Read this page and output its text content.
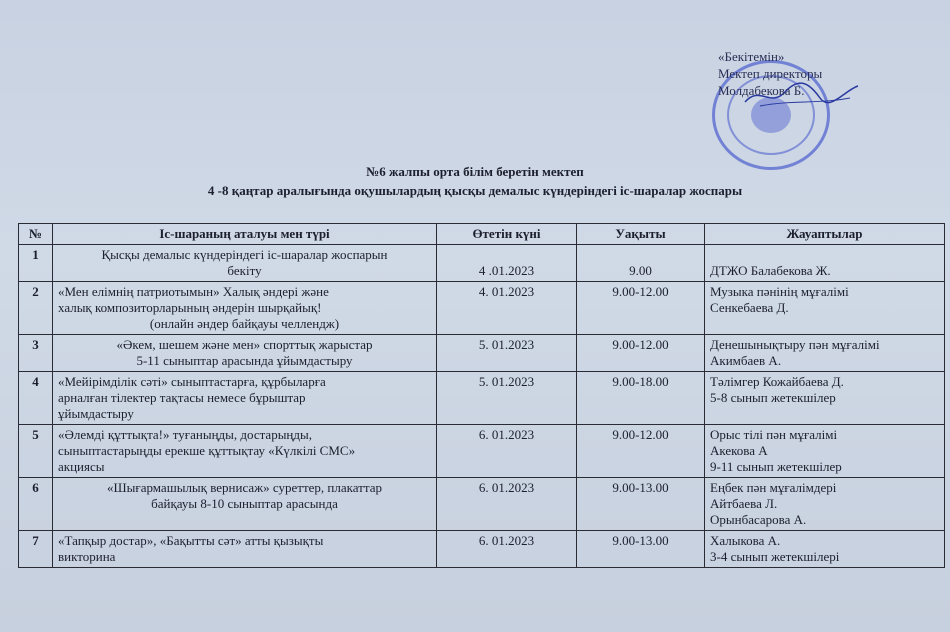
«Бекітемін»
Мектеп директоры
Молдабекова Б.
№6 жалпы орта білім беретін мектеп
4 -8 қаңтар аралығында оқушылардың қысқы демалыс күндеріндегі іс-шаралар жоспары
№	Іс-шараның аталуы мен түрі	Өтетін күні	Уақыты	Жауаптылар
1	Қысқы демалыс күндеріндегі іс-шаралар жоспарын
бекіту	4 .01.2023	9.00	ДТЖО Балабекова Ж.

2	«Мен елімнің патриотымын» Халық әндері және
халық композиторларының әндерін шырқайық!
(онлайн әндер байқауы челлендж)	4. 01.2023	9.00-12.00	Музыка пәнінің мұғалімі
Сенкебаева Д.

3	«Әкем, шешем және мен» спорттық жарыстар
5-11 сыныптар арасында ұйымдастыру	5. 01.2023	9.00-12.00	Денешынықтыру пән мұғалімі
Акимбаев А.

4	«Мейірімділік сәті» сыныптастарға, құрбыларға
арналған тілектер тақтасы немесе бұрыштар
ұйымдастыру	5. 01.2023	9.00-18.00	Тәлімгер Кожайбаева Д.
5-8 сынып жетекшілер

5	«Әлемді құттықта!» туғаныңды, достарыңды,
сыныптастарыңды ерекше құттықтау «Күлкілі СМС»
акциясы	6. 01.2023	9.00-12.00	Орыс тілі пән мұғалімі
Акекова А
9-11 сынып жетекшілер

6	«Шығармашылық вернисаж» суреттер, плакаттар
байқауы 8-10 сыныптар арасында	6. 01.2023	9.00-13.00	Еңбек пән мұғалімдері
Айтбаева Л.
Орынбасарова А.

7	«Тапқыр достар», «Бақытты сәт» атты қызықты
викторина	6. 01.2023	9.00-13.00	Халыкова А.
3-4 сынып жетекшілері
